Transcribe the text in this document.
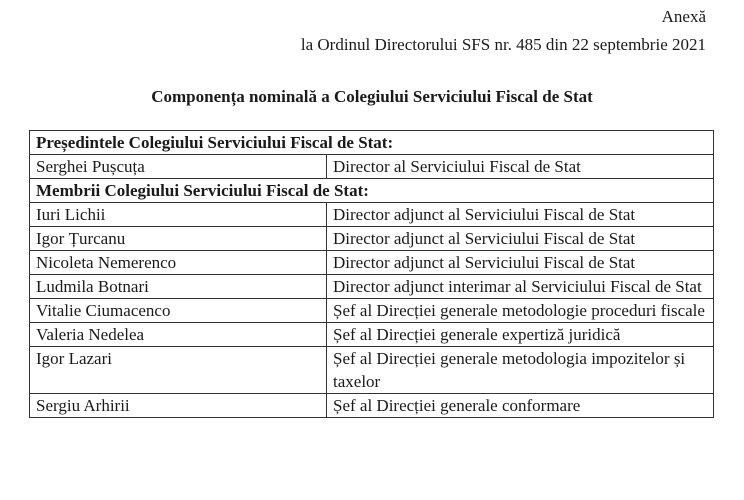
Anexă
la Ordinul Directorului SFS nr. 485 din 22 septembrie 2021
Componența nominală a Colegiului Serviciului Fiscal de Stat
Președintele Colegiului Serviciului Fiscal de Stat:	
Serghei Pușcuța	Director al Serviciului Fiscal de Stat
Membrii Colegiului Serviciului Fiscal de Stat:	
Iuri Lichii	Director adjunct al Serviciului Fiscal de Stat
Igor Țurcanu	Director adjunct al Serviciului Fiscal de Stat
Nicoleta Nemerenco	Director adjunct al Serviciului Fiscal de Stat
Ludmila Botnari	Director adjunct interimar al Serviciului Fiscal de Stat
Vitalie Ciumacenco	Șef al Direcției generale metodologie proceduri fiscale
Valeria Nedelea	Șef al Direcției generale expertiză juridică
Igor Lazari	Șef al Direcției generale metodologia impozitelor și taxelor
Sergiu Arhirii	Șef al Direcției generale conformare
